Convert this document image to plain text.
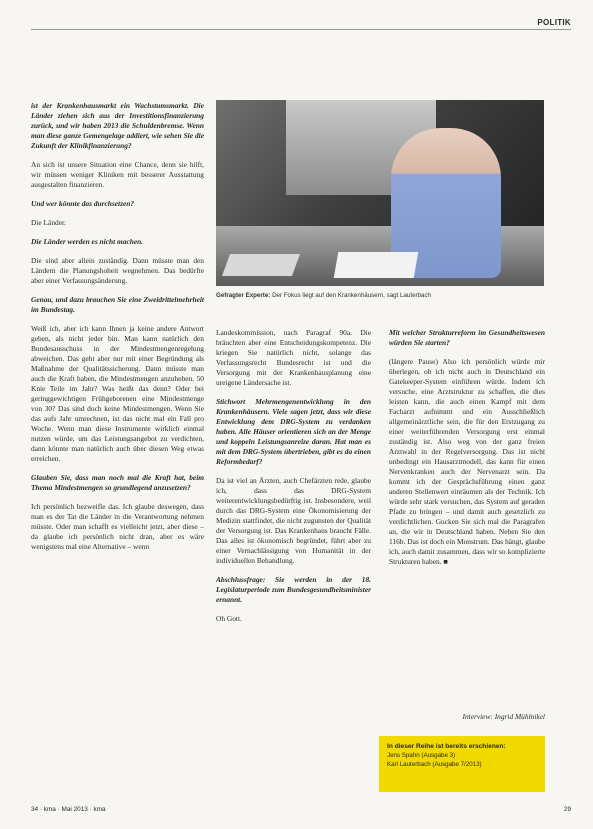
POLITIK

ist der Krankenhausmarkt ein Wachstumsmarkt. Die Länder ziehen sich aus der Investitionsfinanzierung zurück, und wir haben 2013 die Schuldenbremse. Wenn man diese ganze Gemengelage addiert, wie sehen Sie die Zukunft der Klinikfinanzierung?

An sich ist unsere Situation eine Chance, denn sie hilft, wir müssen weniger Kliniken mit besserer Ausstattung ausgestalten finanzieren.

Und wer könnte das durchsetzen?

Die Länder.

Die Länder werden es nicht machen.

Die sind aber allein zuständig. Dann müsste man den Ländern die Planungshoheit wegnehmen. Das bedürfte aber einer Verfassungsänderung.

Genau, und dazu brauchen Sie eine Zweidrittelmehrheit im Bundestag.

Weiß ich, aber ich kann Ihnen ja keine andere Antwort geben, als nicht jeder bin. Man kann natürlich den Bundesausschuss in der Mindestmengenregelung abweichen. Das geht aber nur mit einer Begründung als Maßnahme der Qualitätssicherung. Dann müsste man auch die Kraft haben, die Mindestmengen anzuheben. 50 Knie Teile im Jahr? Was heißt das denn? Oder bei geringgewichtigen Frühgeborenen eine Mindestmenge von 30? Das sind doch keine Mindestmengen. Wenn Sie das aufs Jahr umrechnen, ist das nicht mal ein Fall pro Woche. Wenn man diese Instrumente wirklich einmal nutzen würde, um das Leistungsangebot zu verdichten, dann könnte man natürlich auch über diesen Weg etwas erreichen.

Glauben Sie, dass man noch mal die Kraft hat, beim Thema Mindestmengen so grundlegend anzusetzen?

Ich persönlich bezweifle das. Ich glaube deswegen, dass man es der Tat die Länder in die Verantwortung nehmen müsste. Oder man schafft es vielleicht jetzt, aber diese – da glaube ich persönlich nicht dran, aber es wäre wenigstens mal eine Alternative – wenn

Gefragter Experte: Der Fokus liegt auf den Krankenhäusern, sagt Lauterbach

Landeskommission, nach Paragraf 90a. Die bräuchten aber eine Entscheidungskompetenz. Die kriegen Sie natürlich nicht, solange das Verfassungsrecht Bundesrecht ist und die Versorgung mit der Krankenhausplanung eine ureigene Ländersache ist.

Stichwort Mehrmengenentwicklung in den Krankenhäusern. Viele sagen jetzt, dass wir diese Entwicklung dem DRG-System zu verdanken haben. Alle Häuser orientieren sich an der Menge und koppeln Leistungsanreize daran. Hat man es mit dem DRG-System übertrieben, gibt es da einen Reformbedarf?

Da ist viel an Ärzten, auch Chefärzten rede, glaube ich, dass das DRG-System weiterentwicklungsbedürftig ist. Insbesondere, weil durch das DRG-System eine Ökonomisierung der Medizin stattfindet, die nicht zugunsten der Qualität der Versorgung ist. Das Krankenhaus braucht Fälle. Das alles ist ökonomisch begründet, führt aber zu einer Vernachlässigung von Humanität in der individuellen Behandlung.

Abschlussfrage: Sie werden in der 18. Legislaturperiode zum Bundesgesundheitsminister ernannt.

Oh Gott.

Mit welcher Strukturreform im Gesundheitswesen würden Sie starten?

(längere Pause) Also ich persönlich würde mir überlegen, ob ich nicht auch in Deutschland ein Gatekeeper-System einführen würde. Indem ich versuche, eine Arztstruktur zu schaffen, die dies leisten kann, die auch einen Kampf mit dem Facharzt aufnimmt und ein Ausschließlich allgemeinärztliche sein, die für den Erstzugang zu einer weiterführenden Versorgung erst einmal zuständig ist. Also weg von der ganz freien Arztwahl in der Regelversorgung. Das ist nicht unbedingt ein Hausarztmodell, das kann für einen Nervenkranken auch der Nervenarzt sein. Da kommt ich der Gesprächsführung einen ganz anderen Stellenwert einräumen als der Technik. Ich würde sehr stark versuchen, das System auf geraden Pfade zu bringen – und damit auch gesetzlich zu verdichtlichen. Gucken Sie sich mal die Paragrafen an, die wir in Deutschland haben. Neben Sie den 116b. Das ist doch ein Monstrum. Das hängt, glaube ich, auch damit zusammen, dass wir so komplizierte Strukturen haben. ■

Interview: Ingrid Mühlnikel
In dieser Reihe ist bereits erschienen:
Jens Spahn (Ausgabe 3)
Karl Lauterbach (Ausgabe 7/2013)
34 · kma · Mai 2013 · kma	29
